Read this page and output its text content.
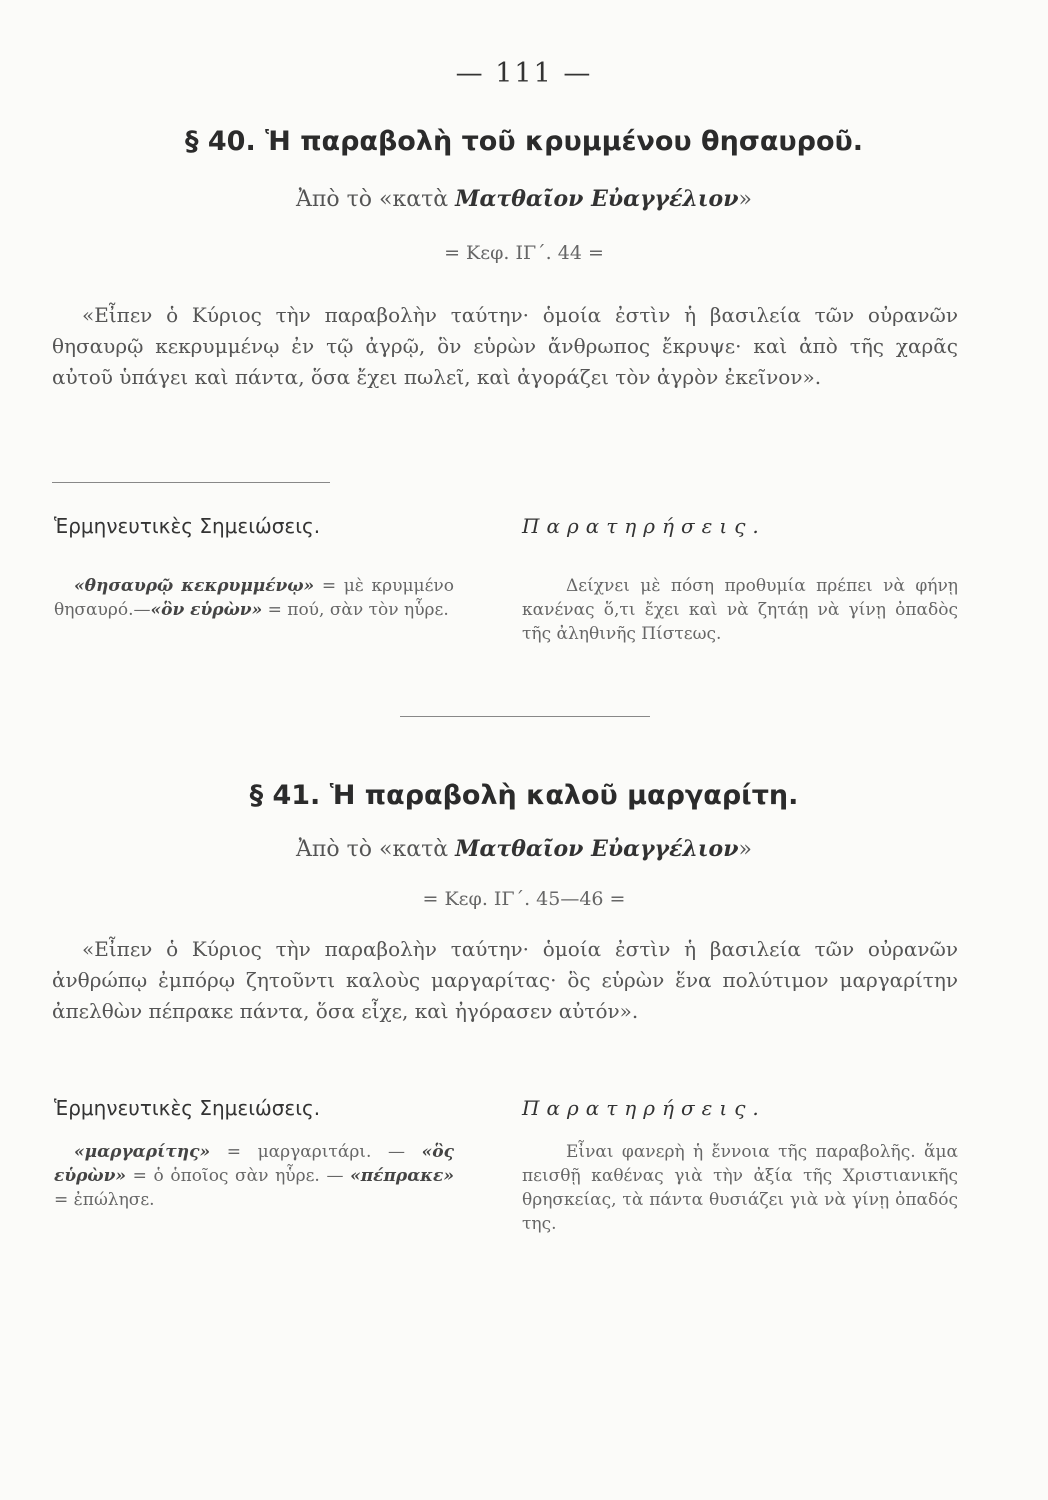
— 111 —
§ 40. Ἡ παραβολὴ τοῦ κρυμμένου θησαυροῦ.
Ἀπὸ τὸ «κατὰ Ματθαῖον Εὐαγγέλιον»
= Κεφ. ΙΓ΄. 44 =
«Εἶπεν ὁ Κύριος τὴν παραβολὴν ταύτην· ὁμοία ἐστὶν ἡ βασιλεία τῶν οὐρανῶν θησαυρῷ κεκρυμμένῳ ἐν τῷ ἀγρῷ, ὃν εὑρὼν ἄνθρωπος ἔκρυψε· καὶ ἀπὸ τῆς χαρᾶς αὐτοῦ ὑπάγει καὶ πάντα, ὅσα ἔχει πωλεῖ, καὶ ἀγοράζει τὸν ἀγρὸν ἐκεῖνον».
Ἑρμηνευτικὲς Σημειώσεις.	Παρατηρήσεις.
«θησαυρῷ κεκρυμμένῳ» = μὲ κρυμμένο θησαυρό.—«ὃν εὑρὼν» = πού, σὰν τὸν ηὗρε.
Δείχνει μὲ πόση προθυμία πρέπει νὰ φήνῃ κανένας ὅ,τι ἔχει καὶ νὰ ζητάῃ νὰ γίνῃ ὀπαδὸς τῆς ἀληθινῆς Πίστεως.
§ 41. Ἡ παραβολὴ καλοῦ μαργαρίτη.
Ἀπὸ τὸ «κατὰ Ματθαῖον Εὐαγγέλιον»
= Κεφ. ΙΓ΄. 45—46 =
«Εἶπεν ὁ Κύριος τὴν παραβολὴν ταύτην· ὁμοία ἐστὶν ἡ βασιλεία τῶν οὐρανῶν ἀνθρώπῳ ἐμπόρῳ ζητοῦντι καλοὺς μαργαρίτας· ὃς εὑρὼν ἕνα πολύτιμον μαργαρίτην ἀπελθὼν πέπρακε πάντα, ὅσα εἶχε, καὶ ἠγόρασεν αὐτόν».
Ἑρμηνευτικὲς Σημειώσεις.	Παρατηρήσεις.
«μαργαρίτης» = μαργαριτάρι. — «ὃς εὑρὼν» = ὁ ὁποῖος σὰν ηὗρε. — «πέπρακε» = ἐπώλησε.
Εἶναι φανερὴ ἡ ἔννοια τῆς παραβολῆς. ἅμα πεισθῇ καθένας γιὰ τὴν ἀξία τῆς Χριστιανικῆς θρησκείας, τὰ πάντα θυσιάζει γιὰ νὰ γίνῃ ὀπαδός της.
